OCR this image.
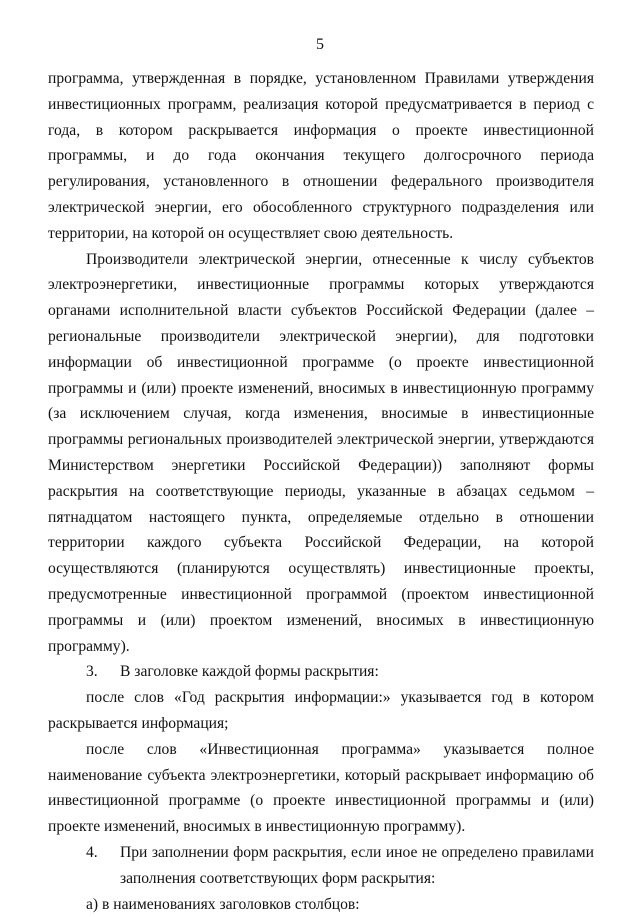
5

программа, утвержденная в порядке, установленном Правилами утверждения инвестиционных программ, реализация которой предусматривается в период с года, в котором раскрывается информация о проекте инвестиционной программы, и до года окончания текущего долгосрочного периода регулирования, установленного в отношении федерального производителя электрической энергии, его обособленного структурного подразделения или территории, на которой он осуществляет свою деятельность.

Производители электрической энергии, отнесенные к числу субъектов электроэнергетики, инвестиционные программы которых утверждаются органами исполнительной власти субъектов Российской Федерации (далее – региональные производители электрической энергии), для подготовки информации об инвестиционной программе (о проекте инвестиционной программы и (или) проекте изменений, вносимых в инвестиционную программу (за исключением случая, когда изменения, вносимые в инвестиционные программы региональных производителей электрической энергии, утверждаются Министерством энергетики Российской Федерации)) заполняют формы раскрытия на соответствующие периоды, указанные в абзацах седьмом – пятнадцатом настоящего пункта, определяемые отдельно в отношении территории каждого субъекта Российской Федерации, на которой осуществляются (планируются осуществлять) инвестиционные проекты, предусмотренные инвестиционной программой (проектом инвестиционной программы и (или) проектом изменений, вносимых в инвестиционную программу).

3.	В заголовке каждой формы раскрытия:

после слов «Год раскрытия информации:» указывается год в котором раскрывается информация;

после слов «Инвестиционная программа» указывается полное наименование субъекта электроэнергетики, который раскрывает информацию об инвестиционной программе (о проекте инвестиционной программы и (или) проекте изменений, вносимых в инвестиционную программу).

4.	При заполнении форм раскрытия, если иное не определено правилами заполнения соответствующих форм раскрытия:

а) в наименованиях заголовков столбцов:
